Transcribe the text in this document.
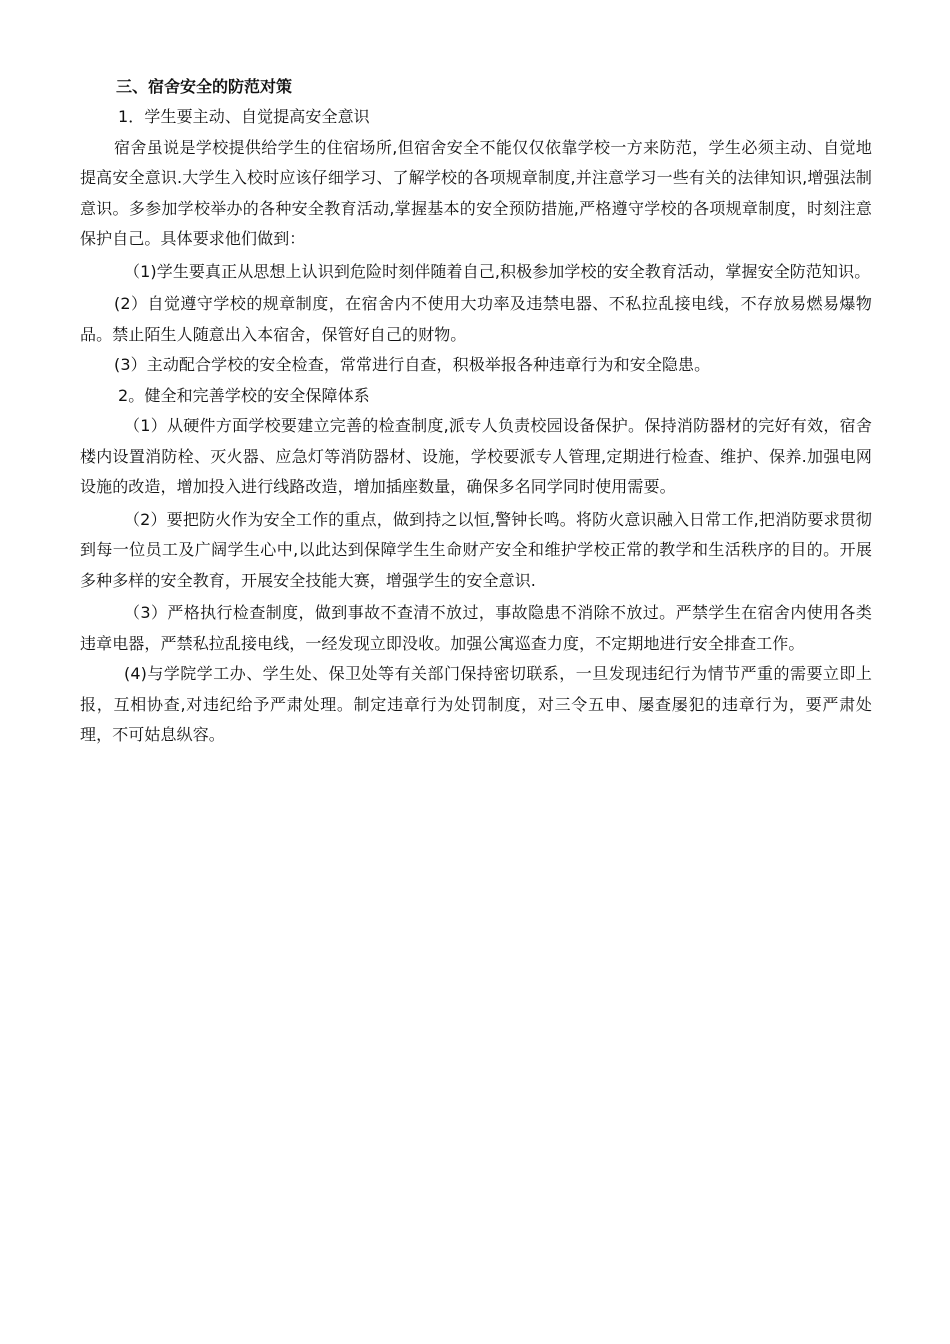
三、宿舍安全的防范对策

1．学生要主动、自觉提高安全意识

宿舍虽说是学校提供给学生的住宿场所,但宿舍安全不能仅仅依靠学校一方来防范，学生必须主动、自觉地提高安全意识.大学生入校时应该仔细学习、了解学校的各项规章制度,并注意学习一些有关的法律知识,增强法制意识。多参加学校举办的各种安全教育活动,掌握基本的安全预防措施,严格遵守学校的各项规章制度，时刻注意保护自己。具体要求他们做到：

（1)学生要真正从思想上认识到危险时刻伴随着自己,积极参加学校的安全教育活动，掌握安全防范知识。

(2）自觉遵守学校的规章制度，在宿舍内不使用大功率及违禁电器、不私拉乱接电线，不存放易燃易爆物品。禁止陌生人随意出入本宿舍，保管好自己的财物。

(3）主动配合学校的安全检查，常常进行自查，积极举报各种违章行为和安全隐患。

2。健全和完善学校的安全保障体系

（1）从硬件方面学校要建立完善的检查制度,派专人负责校园设备保护。保持消防器材的完好有效，宿舍楼内设置消防栓、灭火器、应急灯等消防器材、设施，学校要派专人管理,定期进行检查、维护、保养.加强电网设施的改造，增加投入进行线路改造，增加插座数量，确保多名同学同时使用需要。

（2）要把防火作为安全工作的重点，做到持之以恒,警钟长鸣。将防火意识融入日常工作,把消防要求贯彻到每一位员工及广阔学生心中,以此达到保障学生生命财产安全和维护学校正常的教学和生活秩序的目的。开展多种多样的安全教育，开展安全技能大赛，增强学生的安全意识.

（3）严格执行检查制度，做到事故不查清不放过，事故隐患不消除不放过。严禁学生在宿舍内使用各类违章电器，严禁私拉乱接电线，一经发现立即没收。加强公寓巡查力度，不定期地进行安全排查工作。

(4)与学院学工办、学生处、保卫处等有关部门保持密切联系，一旦发现违纪行为情节严重的需要立即上报，互相协查,对违纪给予严肃处理。制定违章行为处罚制度，对三令五申、屡查屡犯的违章行为，要严肃处理，不可姑息纵容。
